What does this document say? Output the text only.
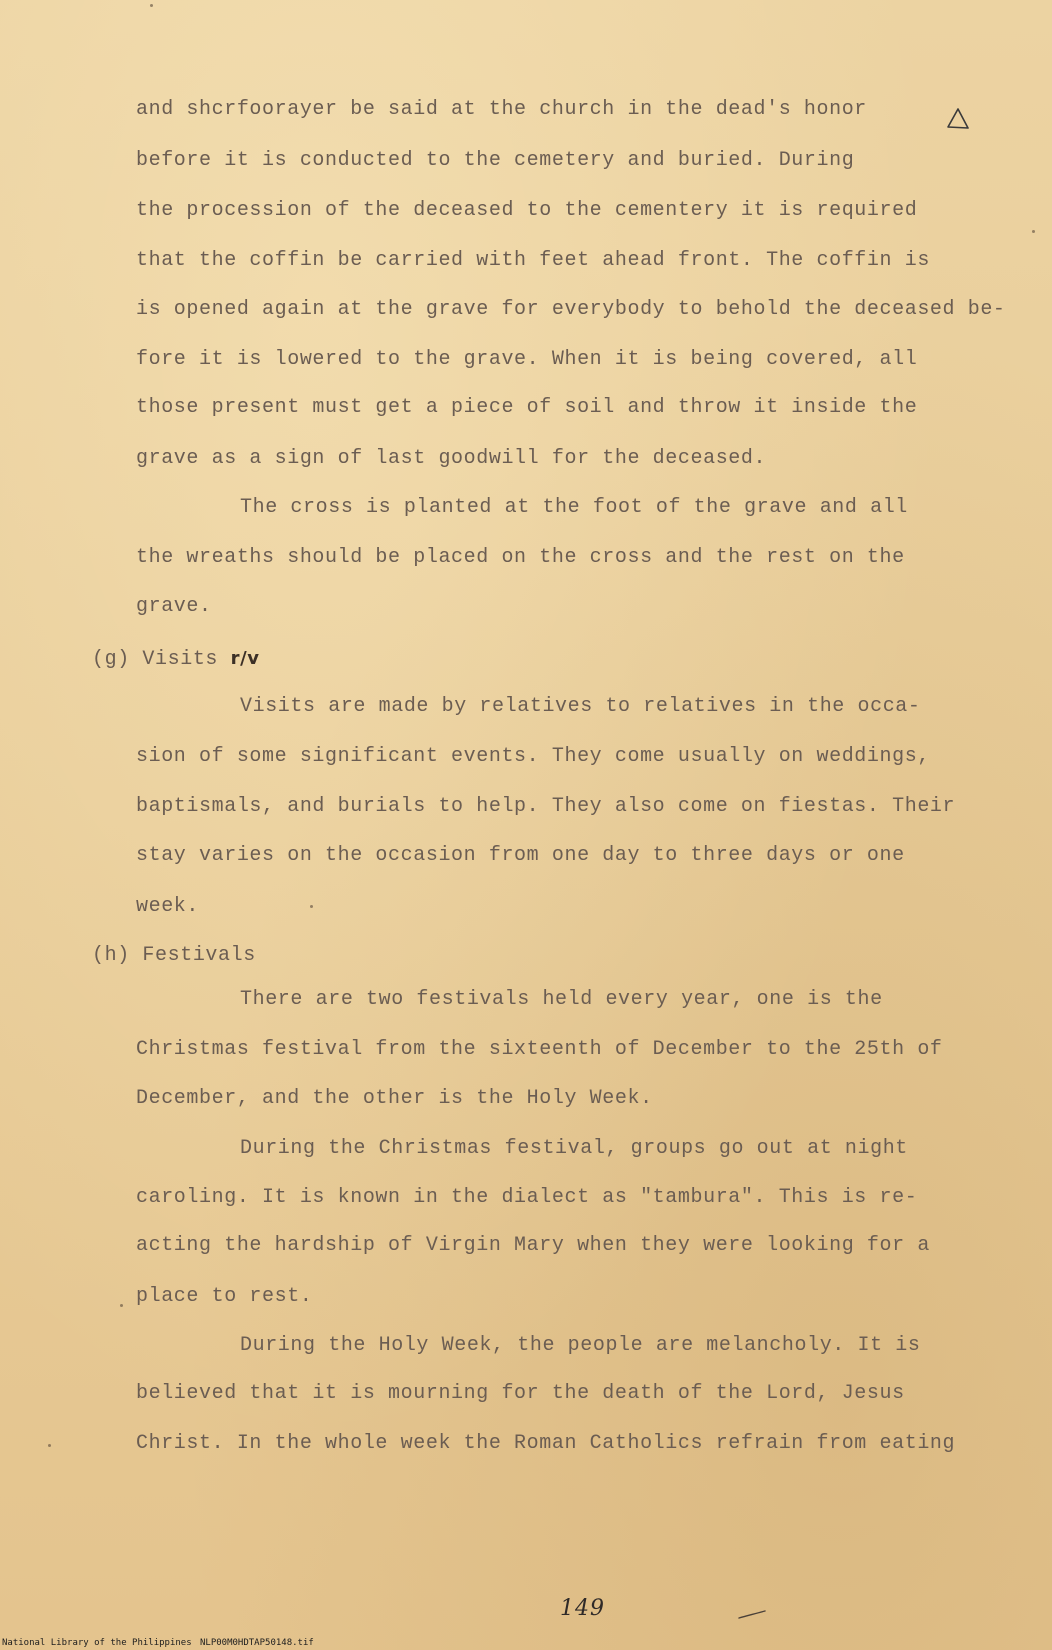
and shcrfoorayer be said at the church in the dead's honor
before it is conducted to the cemetery and buried. During
the procession of the deceased to the cementery it is required
that the coffin be carried with feet ahead front. The coffin is
is opened again at the grave for everybody to behold the deceased be-
fore it is lowered to the grave. When it is being covered, all
those present must get a piece of soil and throw it inside the
grave as a sign of last goodwill for the deceased.
The cross is planted at the foot of the grave and all
the wreaths should be placed on the cross and the rest on the
grave.
(g) Visits r/v
Visits are made by relatives to relatives in the occa-
sion of some significant events. They come usually on weddings,
baptismals, and burials to help. They also come on fiestas. Their
stay varies on the occasion from one day to three days or one
week.
(h) Festivals
There are two festivals held every year, one is the
Christmas festival from the sixteenth of December to the 25th of
December, and the other is the Holy Week.
During the Christmas festival, groups go out at night
caroling. It is known in the dialect as "tambura". This is re-
acting the hardship of Virgin Mary when they were looking for a
place to rest.
During the Holy Week, the people are melancholy. It is
believed that it is mourning for the death of the Lord, Jesus
Christ. In the whole week the Roman Catholics refrain from eating
149
National Library of the Philippines NLP00M0HDTAP50148.tif
